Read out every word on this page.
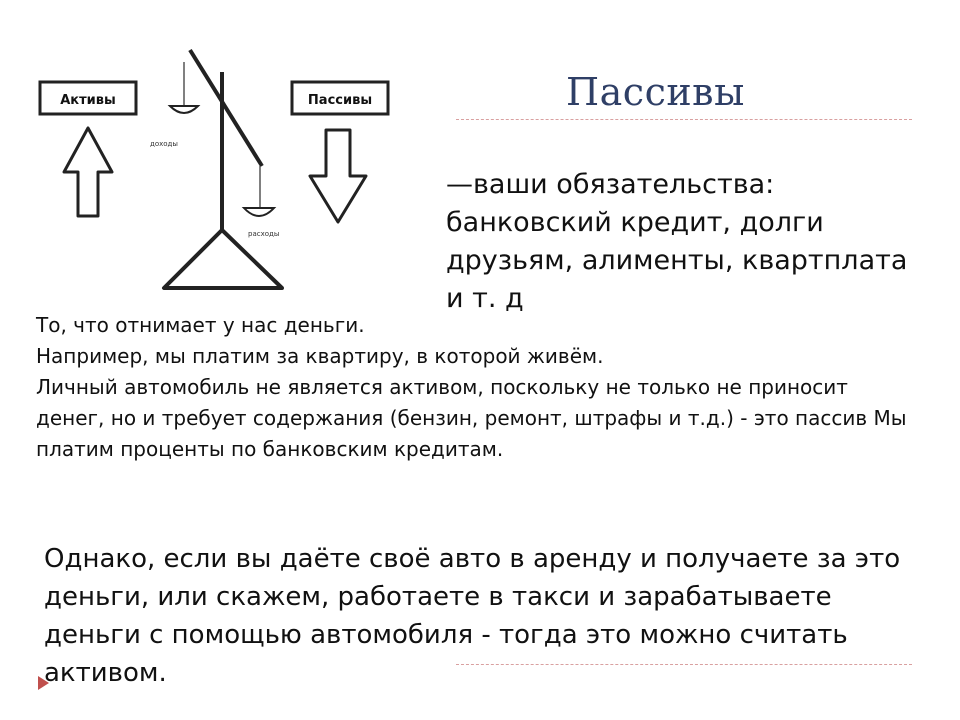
Пассивы
Активы	Пассивы
доходы
расходы
—ваши обязательства: банковский кредит, долги друзьям, алименты, квартплата и т. д

То, что отнимает у нас деньги.

Например, мы платим за квартиру, в которой живём.

Личный автомобиль не является активом, поскольку не только не приносит денег, но и требует содержания (бензин, ремонт, штрафы и т.д.) - это пассив Мы платим проценты по банковским кредитам.

Однако, если вы даёте своё авто в аренду и получаете за это деньги, или скажем, работаете в такси и зарабатываете деньги с помощью автомобиля - тогда это можно считать активом.
